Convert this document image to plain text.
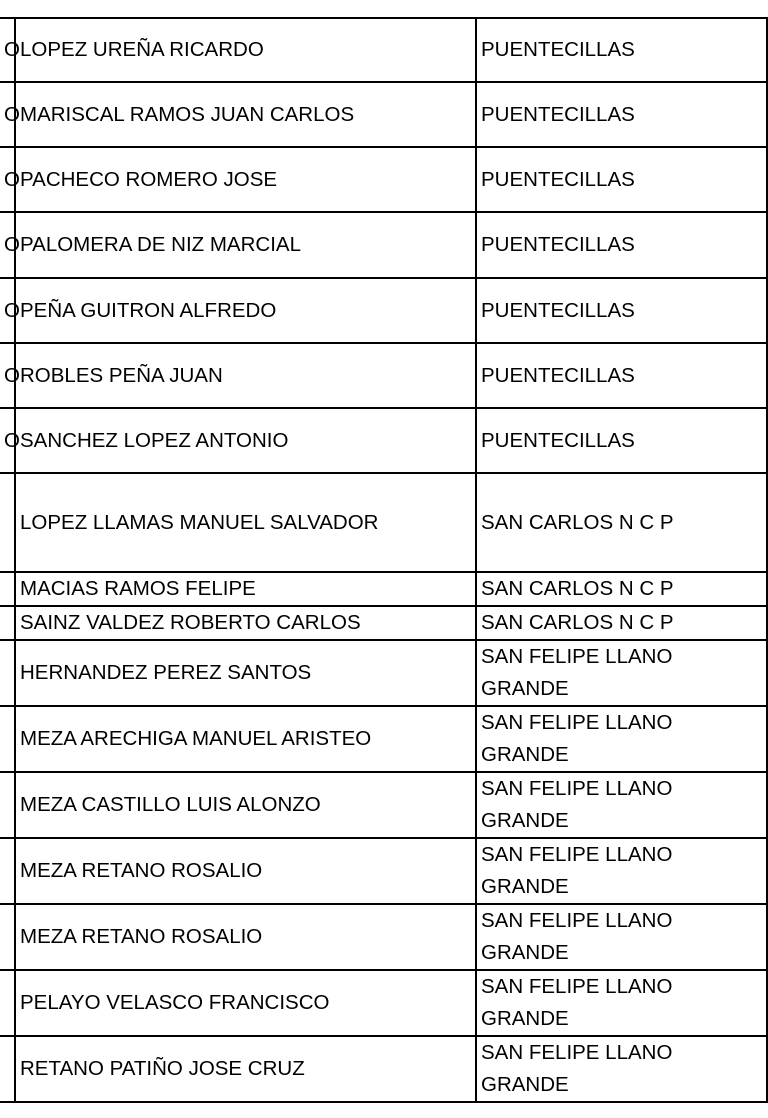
O	LOPEZ UREÑA RICARDO	PUENTECILLAS
O	MARISCAL RAMOS JUAN CARLOS	PUENTECILLAS
O	PACHECO ROMERO JOSE	PUENTECILLAS
O	PALOMERA DE NIZ MARCIAL	PUENTECILLAS
O	PEÑA GUITRON ALFREDO	PUENTECILLAS
O	ROBLES PEÑA JUAN	PUENTECILLAS
O	SANCHEZ LOPEZ ANTONIO	PUENTECILLAS
	LOPEZ LLAMAS MANUEL SALVADOR	SAN CARLOS N C P
	MACIAS RAMOS FELIPE	SAN CARLOS N C P
	SAINZ VALDEZ ROBERTO CARLOS	SAN CARLOS N C P
	HERNANDEZ PEREZ SANTOS	SAN FELIPE LLANO GRANDE

	MEZA ARECHIGA MANUEL ARISTEO	SAN FELIPE LLANO GRANDE

	MEZA CASTILLO LUIS ALONZO	SAN FELIPE LLANO GRANDE

	MEZA RETANO ROSALIO	SAN FELIPE LLANO GRANDE

	MEZA RETANO ROSALIO	SAN FELIPE LLANO GRANDE

	PELAYO VELASCO FRANCISCO	SAN FELIPE LLANO GRANDE

	RETANO PATIÑO JOSE CRUZ	SAN FELIPE LLANO GRANDE
